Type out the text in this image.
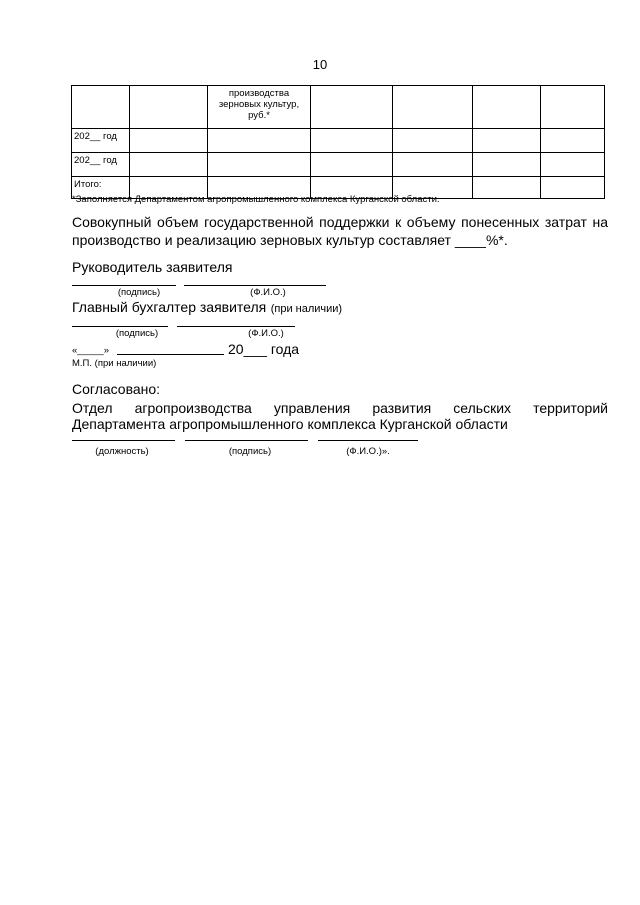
10
		производства зерновых культур, руб.*				
202__ год						
202__ год						
Итого:						
*Заполняется Департаментом агропромышленного комплекса Курганской области.
Совокупный объем государственной поддержки к объему понесенных затрат на производство и реализацию зерновых культур составляет ____%*.
Руководитель заявителя
(подпись)	(Ф.И.О.)
Главный бухгалтер заявителя (при наличии)
(подпись)	(Ф.И.О.)
«_____»	20___ года
М.П. (при наличии)
Согласовано:
Отдел агропроизводства управления развития сельских территорий
Департамента агропромышленного комплекса Курганской области
(должность)	(подпись)	(Ф.И.О.)».
